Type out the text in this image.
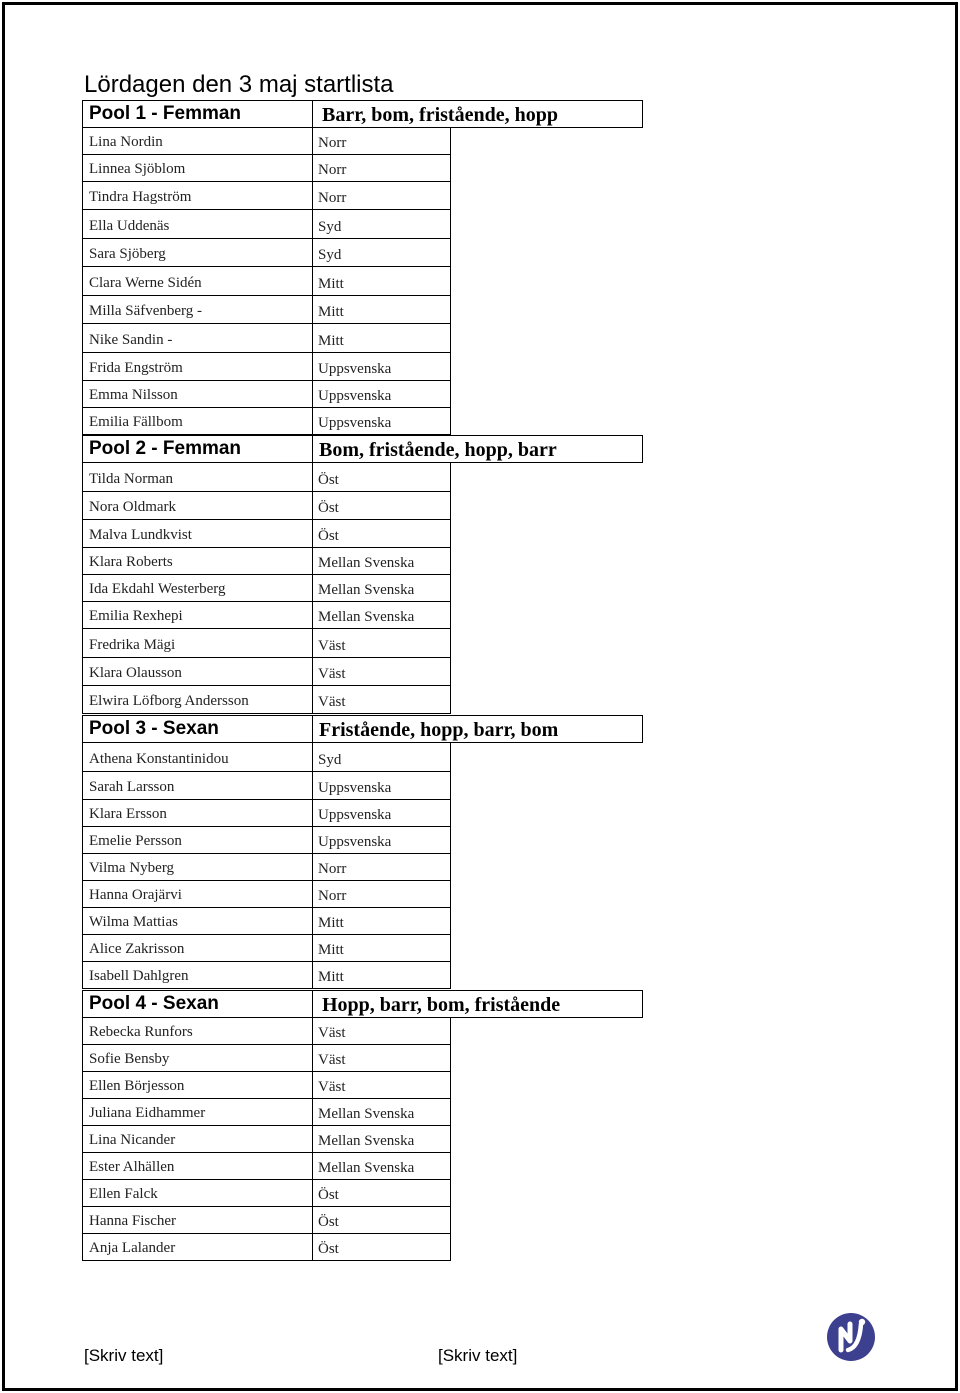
Lördagen den 3 maj startlista
Pool 1 - Femman	Barr, bom, fristående, hopp
Lina Nordin	Norr
Linnea Sjöblom	Norr
Tindra Hagström	Norr
Ella Uddenäs	Syd
Sara Sjöberg	Syd
Clara Werne Sidén	Mitt
Milla Säfvenberg -	Mitt
Nike Sandin -	Mitt
Frida Engström	Uppsvenska
Emma Nilsson	Uppsvenska
Emilia Fällbom	Uppsvenska
Pool 2 - Femman	Bom, fristående, hopp, barr
Tilda Norman	Öst
Nora Oldmark	Öst
Malva Lundkvist	Öst
Klara Roberts	Mellan Svenska
Ida Ekdahl Westerberg	Mellan Svenska
Emilia Rexhepi	Mellan Svenska
Fredrika Mägi	Väst
Klara Olausson	Väst
Elwira Löfborg Andersson	Väst
Pool 3 - Sexan	Fristående, hopp, barr, bom
Athena Konstantinidou	Syd
Sarah Larsson	Uppsvenska
Klara Ersson	Uppsvenska
Emelie Persson	Uppsvenska
Vilma Nyberg	Norr
Hanna Orajärvi	Norr
Wilma Mattias	Mitt
Alice Zakrisson	Mitt
Isabell Dahlgren	Mitt
Pool 4 - Sexan	Hopp, barr, bom, fristående
Rebecka Runfors	Väst
Sofie Bensby	Väst
Ellen Börjesson	Väst
Juliana Eidhammer	Mellan Svenska
Lina Nicander	Mellan Svenska
Ester Alhällen	Mellan Svenska
Ellen Falck	Öst
Hanna Fischer	Öst
Anja Lalander	Öst
[Skriv text]	[Skriv text]
